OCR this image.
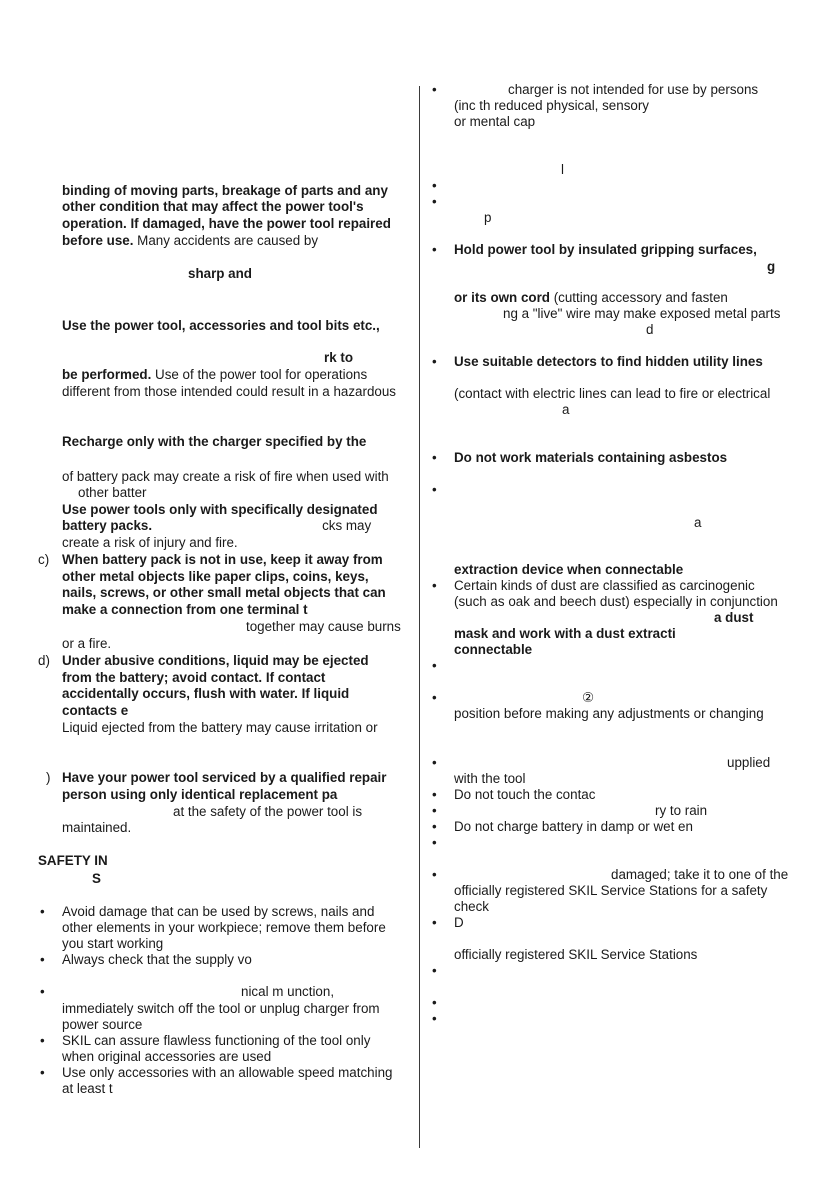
binding of moving parts, breakage of parts and any
other condition that may affect the power tool's
operation. If damaged, have the power tool repaired
before use. Many accidents are caused by
sharp and
Use the power tool, accessories and tool bits etc.,
rk to
be performed. Use of the power tool for operations
different from those intended could result in a hazardous
Recharge only with the charger specified by the
of battery pack may create a risk of fire when used with
other batter
Use power tools only with specifically designated
battery packs.	cks may
create a risk of injury and fire.
c) When battery pack is not in use, keep it away from
other metal objects like paper clips, coins, keys,
nails, screws, or other small metal objects that can
make a connection from one terminal t
together may cause burns
or a fire.
d) Under abusive conditions, liquid may be ejected
from the battery; avoid contact. If contact
accidentally occurs, flush with water. If liquid
contacts e
Liquid ejected from the battery may cause irritation or
) Have your power tool serviced by a qualified repair
person using only identical replacement pa
at the safety of the power tool is
maintained.
SAFETY IN
S
• Avoid damage that can be used by screws, nails and
other elements in your workpiece; remove them before
you start working
• Always check that the supply vo
•	nical m unction,
immediately switch off the tool or unplug charger from
power source
• SKIL can assure flawless functioning of the tool only
when original accessories are used
• Use only accessories with an allowable speed matching
at least t
•	charger is not intended for use by persons
(inc th reduced physical, sensory
or mental cap
l
•
•
p
• Hold power tool by insulated gripping surfaces,
g
or its own cord (cutting accessory and fasten
ng a "live" wire may make exposed metal parts
d
• Use suitable detectors to find hidden utility lines
(contact with electric lines can lead to fire or electrical
a
• Do not work materials containing asbestos
•
a
extraction device when connectable
• Certain kinds of dust are classified as carcinogenic
(such as oak and beech dust) especially in conjunction
a dust
mask and work with a dust extracti
connectable
•
•	②
position before making any adjustments or changing
•	upplied
with the tool
• Do not touch the contac
•	ry to rain
• Do not charge battery in damp or wet en
•
•	damaged; take it to one of the
officially registered SKIL Service Stations for a safety
check
• D
officially registered SKIL Service Stations
•
•
•
